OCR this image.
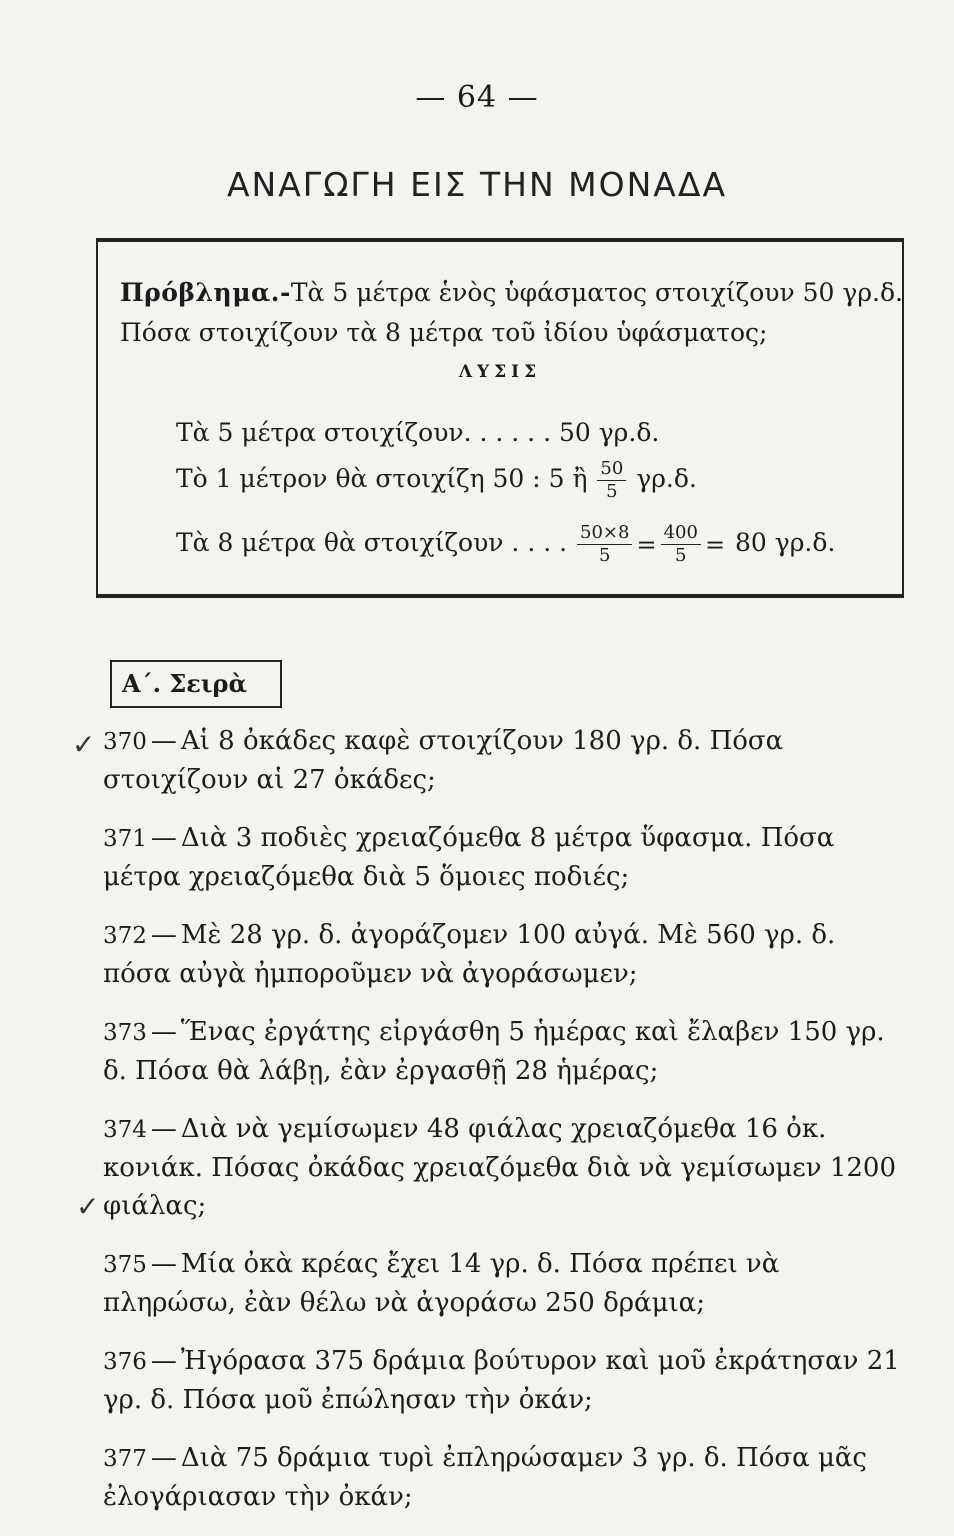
— 64 —
ΑΝΑΓΩΓΗ ΕΙΣ ΤΗΝ ΜΟΝΑΔΑ
Πρόβλημα.-Τὰ 5 μέτρα ἑνὸς ὑφάσματος στοιχίζουν 50 γρ.δ.
Πόσα στοιχίζουν τὰ 8 μέτρα τοῦ ἰδίου ὑφάσματος;
ΛΥΣΙΣ
Τὰ 5 μέτρα στοιχίζουν. . . . . . 50 γρ.δ.
Τὸ 1 μέτρον θὰ στοιχίζη 50 : 5 ἢ $\frac{50}{5} \gamma\rho.\delta$.
Τὰ 8 μέτρα θὰ στοιχίζουν . . . . $\frac{50\times 8}{5} = \frac{400}{5} = 80$ γρ.δ.
Α΄. Σειρὰ
✓
✓
370 — Αἱ 8 ὀκάδες καφὲ στοιχίζουν 180 γρ. δ. Πόσα στοιχίζουν αἱ 27 ὀκάδες;
371 — Διὰ 3 ποδιὲς χρειαζόμεθα 8 μέτρα ὕφασμα. Πόσα μέτρα χρειαζόμεθα διὰ 5 ὅμοιες ποδιές;
372 — Μὲ 28 γρ. δ. ἀγοράζομεν 100 αὐγά. Μὲ 560 γρ. δ. πόσα αὐγὰ ἠμποροῦμεν νὰ ἀγοράσωμεν;
373 — Ἕνας ἐργάτης εἰργάσθη 5 ἡμέρας καὶ ἔλαβεν 150 γρ. δ. Πόσα θὰ λάβῃ, ἐὰν ἐργασθῇ 28 ἡμέρας;
374 — Διὰ νὰ γεμίσωμεν 48 φιάλας χρειαζόμεθα 16 ὀκ. κονιάκ. Πόσας ὀκάδας χρειαζόμεθα διὰ νὰ γεμίσωμεν 1200 φιάλας;
375 — Μία ὀκὰ κρέας ἔχει 14 γρ. δ. Πόσα πρέπει νὰ πληρώσω, ἐὰν θέλω νὰ ἀγοράσω 250 δράμια;
376 — Ἠγόρασα 375 δράμια βούτυρον καὶ μοῦ ἐκράτησαν 21 γρ. δ. Πόσα μοῦ ἐπώλησαν τὴν ὀκάν;
377 — Διὰ 75 δράμια τυρὶ ἐπληρώσαμεν 3 γρ. δ. Πόσα μᾶς ἐλογάριασαν τὴν ὀκάν;
